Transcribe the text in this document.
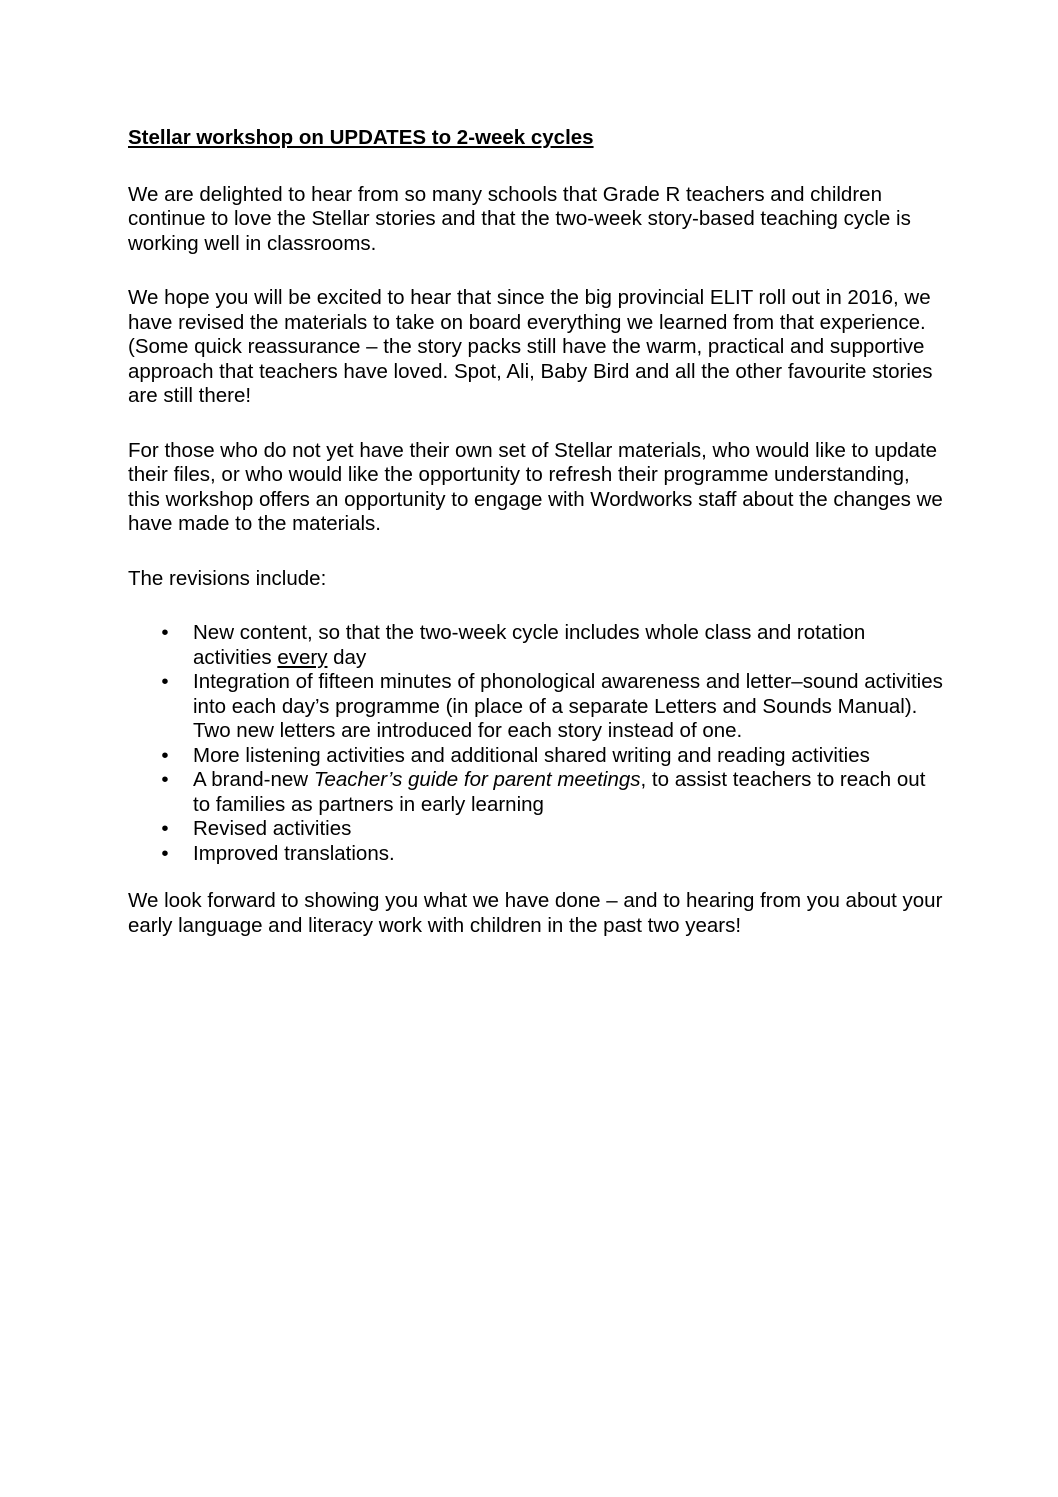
Stellar workshop on UPDATES to 2-week cycles

We are delighted to hear from so many schools that Grade R teachers and children continue to love the Stellar stories and that the two-week story-based teaching cycle is working well in classrooms.

We hope you will be excited to hear that since the big provincial ELIT roll out in 2016, we have revised the materials to take on board everything we learned from that experience. (Some quick reassurance – the story packs still have the warm, practical and supportive approach that teachers have loved. Spot, Ali, Baby Bird and all the other favourite stories are still there!

For those who do not yet have their own set of Stellar materials, who would like to update their files, or who would like the opportunity to refresh their programme understanding, this workshop offers an opportunity to engage with Wordworks staff about the changes we have made to the materials.

The revisions include:

• New content, so that the two-week cycle includes whole class and rotation activities every day
• Integration of fifteen minutes of phonological awareness and letter–sound activities into each day’s programme (in place of a separate Letters and Sounds Manual). Two new letters are introduced for each story instead of one.
• More listening activities and additional shared writing and reading activities
• A brand-new Teacher’s guide for parent meetings, to assist teachers to reach out to families as partners in early learning
• Revised activities
• Improved translations.

We look forward to showing you what we have done – and to hearing from you about your early language and literacy work with children in the past two years!
